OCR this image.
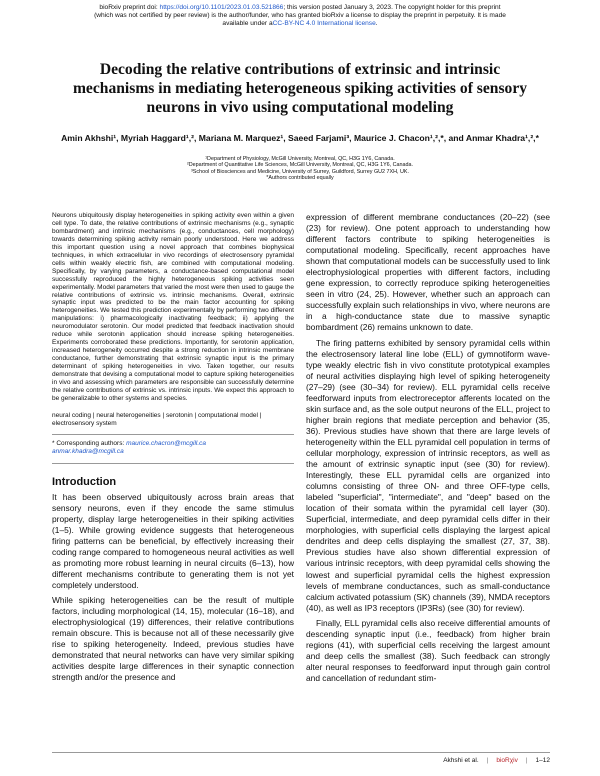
bioRxiv preprint doi: https://doi.org/10.1101/2023.01.03.521866; this version posted January 3, 2023. The copyright holder for this preprint
(which was not certified by peer review) is the author/funder, who has granted bioRxiv a license to display the preprint in perpetuity. It is made
available under aCC-BY-NC 4.0 International license.
Decoding the relative contributions of extrinsic and intrinsic mechanisms in mediating heterogeneous spiking activities of sensory neurons in vivo using computational modeling
Amin Akhshi¹, Myriah Haggard¹,², Mariana M. Marquez¹, Saeed Farjami³, Maurice J. Chacon¹,²,*, and Anmar Khadra¹,²,*
¹Department of Physiology, McGill University, Montreal, QC, H3G 1Y6, Canada.
²Department of Quantitative Life Sciences, McGill University, Montreal, QC, H3G 1Y6, Canada.
³School of Biosciences and Medicine, University of Surrey, Guildford, Surrey GU2 7XH, UK.
*Authors contributed equally

Neurons ubiquitously display heterogeneities in spiking activity even within a given cell type. To date, the relative contributions of extrinsic mechanisms (e.g., synaptic bombardment) and intrinsic mechanisms (e.g., conductances, cell morphology) towards determining spiking activity remain poorly understood. Here we address this important question using a novel approach that combines biophysical techniques, in which extracellular in vivo recordings of electrosensory pyramidal cells within weakly electric fish, are combined with computational modeling. Specifically, by varying parameters, a conductance-based computational model successfully reproduced the highly heterogeneous spiking activities seen experimentally. Model parameters that varied the most were then used to gauge the relative contributions of extrinsic vs. intrinsic mechanisms. Overall, extrinsic synaptic input was predicted to be the main factor accounting for spiking heterogeneities. We tested this prediction experimentally by performing two different manipulations: i) pharmacologically inactivating feedback; ii) applying the neuromodulator serotonin. Our model predicted that feedback inactivation should reduce while serotonin application should increase spiking heterogeneities. Experiments corroborated these predictions. Importantly, for serotonin application, increased heterogeneity occurred despite a strong reduction in intrinsic membrane conductance, further demonstrating that extrinsic synaptic input is the primary determinant of spiking heterogeneities in vivo. Taken together, our results demonstrate that devising a computational model to capture spiking heterogeneities in vivo and assessing which parameters are responsible can successfully determine the relative contributions of extrinsic vs. intrinsic inputs. We expect this approach to be generalizable to other systems and species.

neural coding | neural heterogeneities | serotonin | computational model | electrosensory system

* Corresponding authors: maurice.chacron@mcgill.ca
anmar.khadra@mcgill.ca

Introduction

It has been observed ubiquitously across brain areas that sensory neurons, even if they encode the same stimulus property, display large heterogeneities in their spiking activities (1–5). While growing evidence suggests that heterogeneous firing patterns can be beneficial, by effectively increasing their coding range compared to homogeneous neural activities as well as promoting more robust learning in neural circuits (6–13), how different mechanisms contribute to generating them is not yet completely understood.

While spiking heterogeneities can be the result of multiple factors, including morphological (14, 15), molecular (16–18), and electrophysiological (19) differences, their relative contributions remain obscure. This is because not all of these necessarily give rise to spiking heterogeneity. Indeed, previous studies have demonstrated that neural networks can have very similar spiking activities despite large differences in their synaptic connection strength and/or the presence and

expression of different membrane conductances (20–22) (see (23) for review). One potent approach to understanding how different factors contribute to spiking heterogeneities is computational modeling. Specifically, recent approaches have shown that computational models can be successfully used to link electrophysiological properties with different factors, including gene expression, to correctly reproduce spiking heterogeneities seen in vitro (24, 25). However, whether such an approach can successfully explain such relationships in vivo, where neurons are in a high-conductance state due to massive synaptic bombardment (26) remains unknown to date.

The firing patterns exhibited by sensory pyramidal cells within the electrosensory lateral line lobe (ELL) of gymnotiform wave-type weakly electric fish in vivo constitute prototypical examples of neural activities displaying high level of spiking heterogeneity (27–29) (see (30–34) for review). ELL pyramidal cells receive feedforward inputs from electroreceptor afferents located on the skin surface and, as the sole output neurons of the ELL, project to higher brain regions that mediate perception and behavior (35, 36). Previous studies have shown that there are large levels of heterogeneity within the ELL pyramidal cell population in terms of cellular morphology, expression of intrinsic receptors, as well as the amount of extrinsic synaptic input (see (30) for review). Interestingly, these ELL pyramidal cells are organized into columns consisting of three ON- and three OFF-type cells, labeled "superficial", "intermediate", and "deep" based on the location of their somata within the pyramidal cell layer (30). Superficial, intermediate, and deep pyramidal cells differ in their morphologies, with superficial cells displaying the largest apical dendrites and deep cells displaying the smallest (27, 37, 38). Previous studies have also shown differential expression of various intrinsic receptors, with deep pyramidal cells showing the lowest and superficial pyramidal cells the highest expression levels of membrane conductances, such as small-conductance calcium activated potassium (SK) channels (39), NMDA receptors (40), as well as IP3 receptors (IP3Rs) (see (30) for review).

Finally, ELL pyramidal cells also receive differential amounts of descending synaptic input (i.e., feedback) from higher brain regions (41), with superficial cells receiving the largest amount and deep cells the smallest (38). Such feedback can strongly alter neural responses to feedforward input through gain control and cancellation of redundant stim-

Akhshi et al. | bioRχiv | 1–12
